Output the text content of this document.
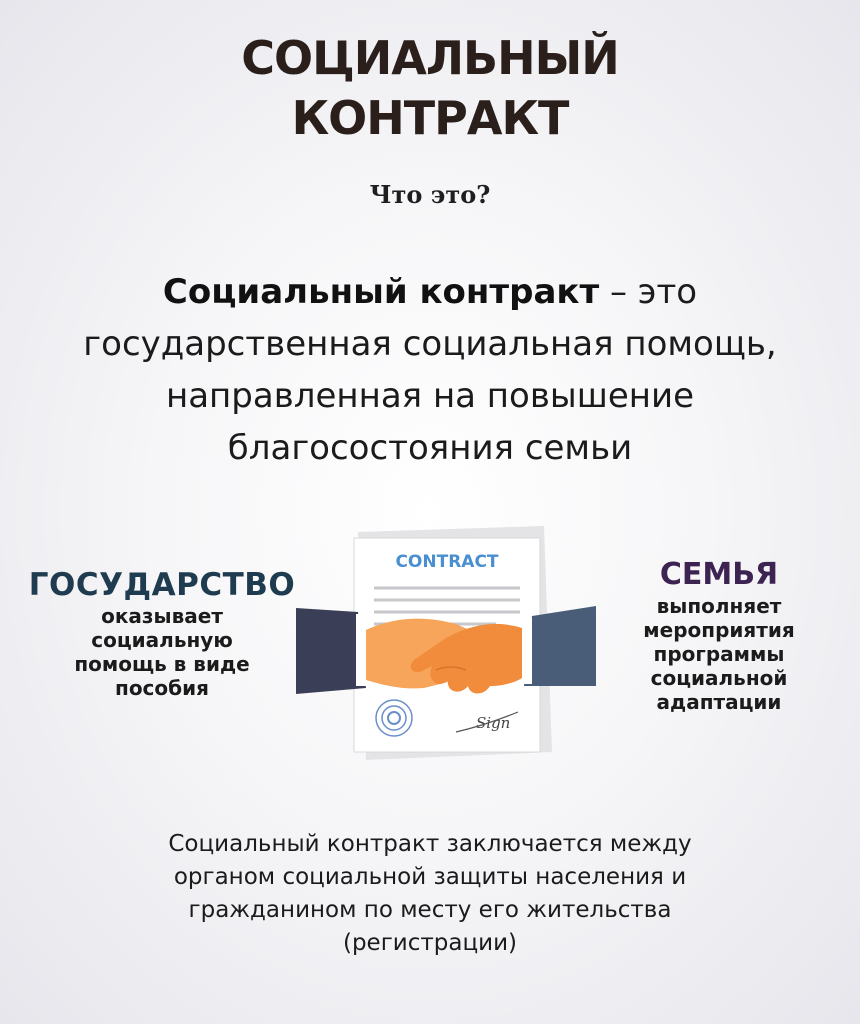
СОЦИАЛЬНЫЙ
КОНТРАКТ
Что это?
Социальный контракт – это государственная социальная помощь, направленная на повышение благосостояния семьи
ГОСУДАРСТВО
оказывает
социальную
помощь в виде
пособия
CONTRACT
Sign
СЕМЬЯ
выполняет
мероприятия
программы
социальной
адаптации
Социальный контракт заключается между
органом социальной защиты населения и
гражданином по месту его жительства
(регистрации)
